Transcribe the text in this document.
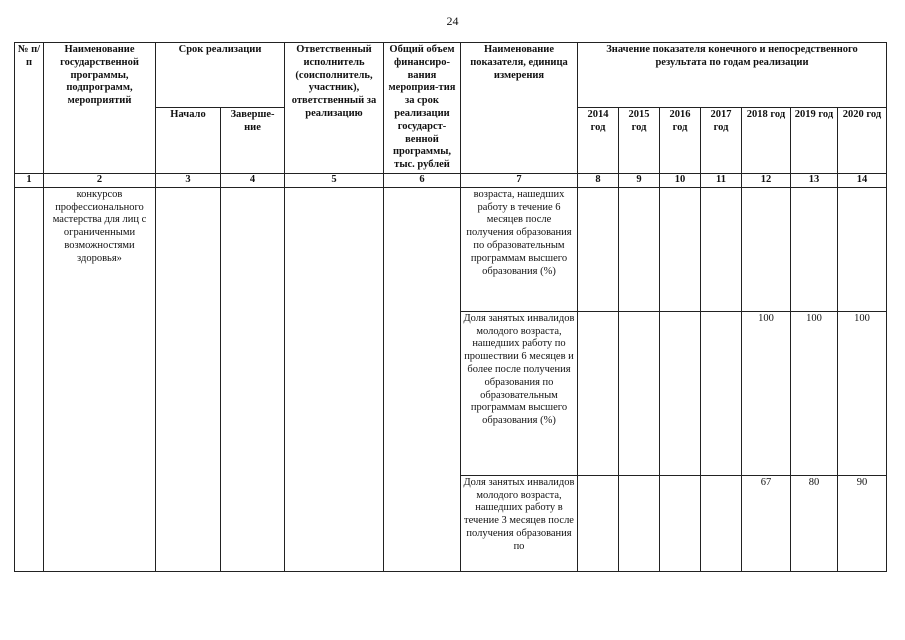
24
№ п/п	Наименование государственной программы, подпрограмм, мероприятий	Срок реализации		Ответственный исполнитель (соисполнитель, участник), ответственный за реализацию	Общий объем финансиро-вания мероприя-тия за срок реализации государст-венной программы, тыс. рублей	Наименование показателя, единица измерения	Значение показателя конечного и непосредственного результата по годам реализации						
		Начало	Заверше-ние				2014 год	2015 год	2016 год	2017 год	2018 год	2019 год	2020 год
1	2	3	4	5	6	7	8	9	10	11	12	13	14
	конкурсов профессионального мастерства для лиц с ограниченными возможностями здоровья»					возраста, нашедших работу в течение 6 месяцев после получения образования по образовательным программам высшего образования (%)							
						Доля занятых инвалидов молодого возраста, нашедших работу по прошествии 6 месяцев и более после получения образования по образовательным программам высшего образования (%)					100	100	100
						Доля занятых инвалидов молодого возраста, нашедших работу в течение 3 месяцев после получения образования по					67	80	90
